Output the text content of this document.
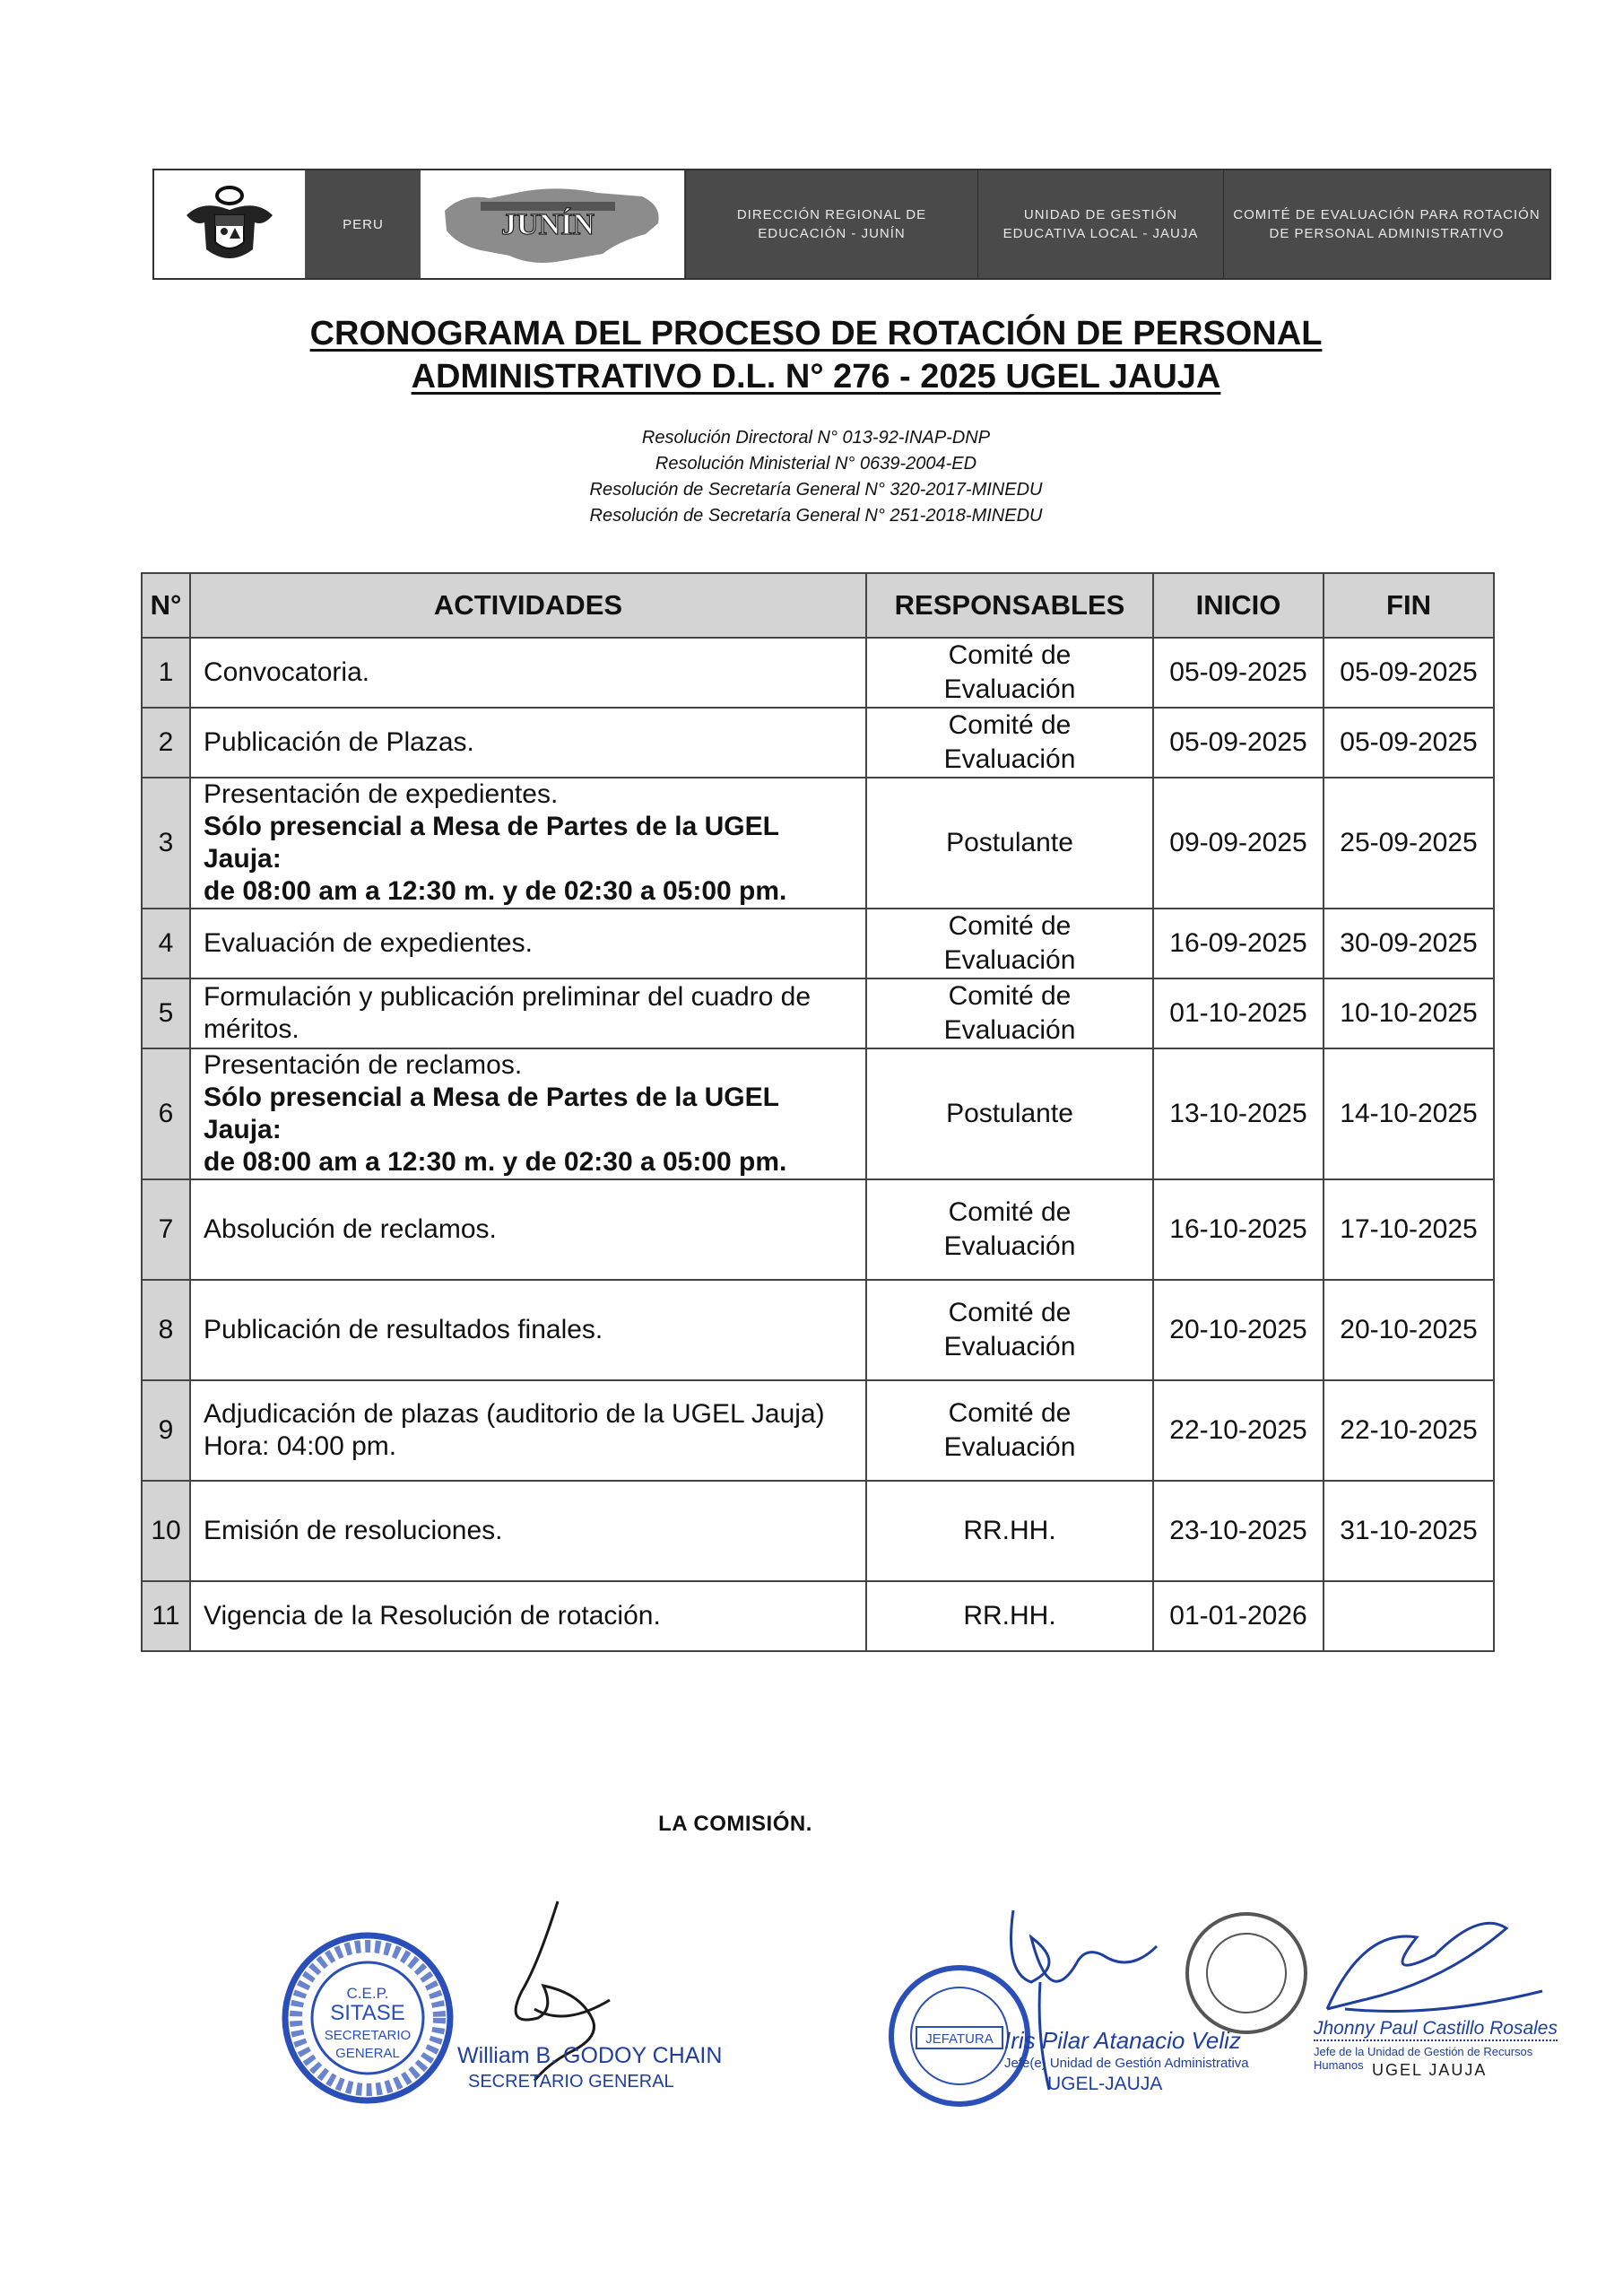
PERU	JUNÍN	DIRECCIÓN REGIONAL DE
EDUCACIÓN - JUNÍN
UNIDAD DE GESTIÓN
EDUCATIVA LOCAL - JAUJA
COMITÉ DE EVALUACIÓN PARA ROTACIÓN
DE PERSONAL ADMINISTRATIVO
CRONOGRAMA DEL PROCESO DE ROTACIÓN DE PERSONAL
ADMINISTRATIVO D.L. N° 276 - 2025 UGEL JAUJA
Resolución Directoral N° 013-92-INAP-DNP
Resolución Ministerial N° 0639-2004-ED
Resolución de Secretaría General N° 320-2017-MINEDU
Resolución de Secretaría General N° 251-2018-MINEDU
N°	ACTIVIDADES	RESPONSABLES	INICIO	FIN
1	Convocatoria.	Comité de
Evaluación	05-09-2025	05-09-2025
2	Publicación de Plazas.	Comité de
Evaluación	05-09-2025	05-09-2025
3	Presentación de expedientes.
Sólo presencial a Mesa de Partes de la UGEL Jauja:
de 08:00 am a 12:30 m. y de 02:30 a 05:00 pm.	Postulante	09-09-2025	25-09-2025
4	Evaluación de expedientes.	Comité de
Evaluación	16-09-2025	30-09-2025
5	Formulación y publicación preliminar del cuadro de
méritos.	Comité de
Evaluación	01-10-2025	10-10-2025
6	Presentación de reclamos.
Sólo presencial a Mesa de Partes de la UGEL Jauja:
de 08:00 am a 12:30 m. y de 02:30 a 05:00 pm.	Postulante	13-10-2025	14-10-2025
7	Absolución de reclamos.	Comité de
Evaluación	16-10-2025	17-10-2025
8	Publicación de resultados finales.	Comité de
Evaluación	20-10-2025	20-10-2025
9	Adjudicación de plazas (auditorio de la UGEL Jauja)
Hora: 04:00 pm.	Comité de
Evaluación	22-10-2025	22-10-2025
10	Emisión de resoluciones.	RR.HH.	23-10-2025	31-10-2025
11	Vigencia de la Resolución de rotación.	RR.HH.	01-01-2026	
LA COMISIÓN.
C.E.P.
SITASE
SECRETARIO
GENERAL	William B. GODOY CHAIN
SECRETARIO GENERAL
JEFATURA Iris Pilar Atanacio Veliz
Jefe(e) Unidad de Gestión Administrativa
UGEL-JAUJA
Jhonny Paul Castillo Rosales
Jefe de la Unidad de Gestión de Recursos Humanos UGEL JAUJA
